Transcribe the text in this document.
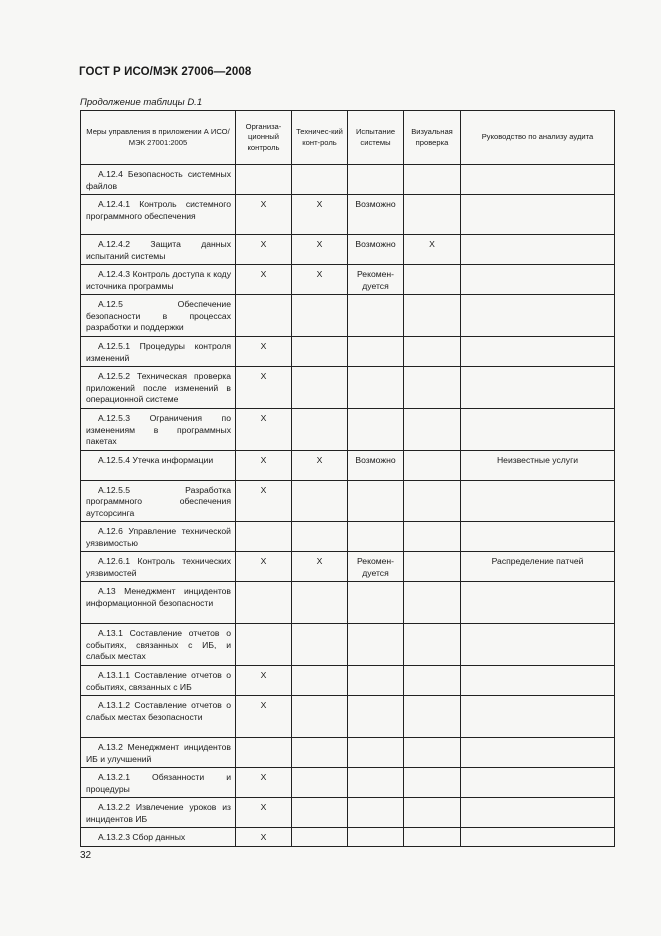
ГОСТ Р ИСО/МЭК 27006—2008
Продолжение таблицы D.1
Меры управления в приложении А ИСО/МЭК 27001:2005	Организа-ционный контроль	Техничес-кий конт-роль	Испытание системы	Визуальная проверка	Руководство по анализу аудита
A.12.4 Безопасность системных файлов					
A.12.4.1 Контроль системного программного обеспечения	X	X	Возможно		
A.12.4.2 Защита данных испытаний системы	X	X	Возможно	X	
A.12.4.3 Контроль доступа к коду источника программы	X	X	Рекомен-дуется		
A.12.5 Обеспечение безопасности в процессах разработки и поддержки					
A.12.5.1 Процедуры контроля изменений	X				
A.12.5.2 Техническая проверка приложений после изменений в операционной системе	X				
A.12.5.3 Ограничения по изменениям в программных пакетах	X				
A.12.5.4 Утечка информации	X	X	Возможно		Неизвестные услуги
A.12.5.5 Разработка программного обеспечения аутсорсинга	X				
A.12.6 Управление технической уязвимостью					
A.12.6.1 Контроль технических уязвимостей	X	X	Рекомен-дуется		Распределение патчей
A.13 Менеджмент инцидентов информационной безопасности					
A.13.1 Составление отчетов о событиях, связанных с ИБ, и слабых местах					
A.13.1.1 Составление отчетов о событиях, связанных с ИБ	X				
A.13.1.2 Составление отчетов о слабых местах безопасности	X				
A.13.2 Менеджмент инцидентов ИБ и улучшений					
A.13.2.1 Обязанности и процедуры	X				
A.13.2.2 Извлечение уроков из инцидентов ИБ	X				
A.13.2.3 Сбор данных	X				
32
